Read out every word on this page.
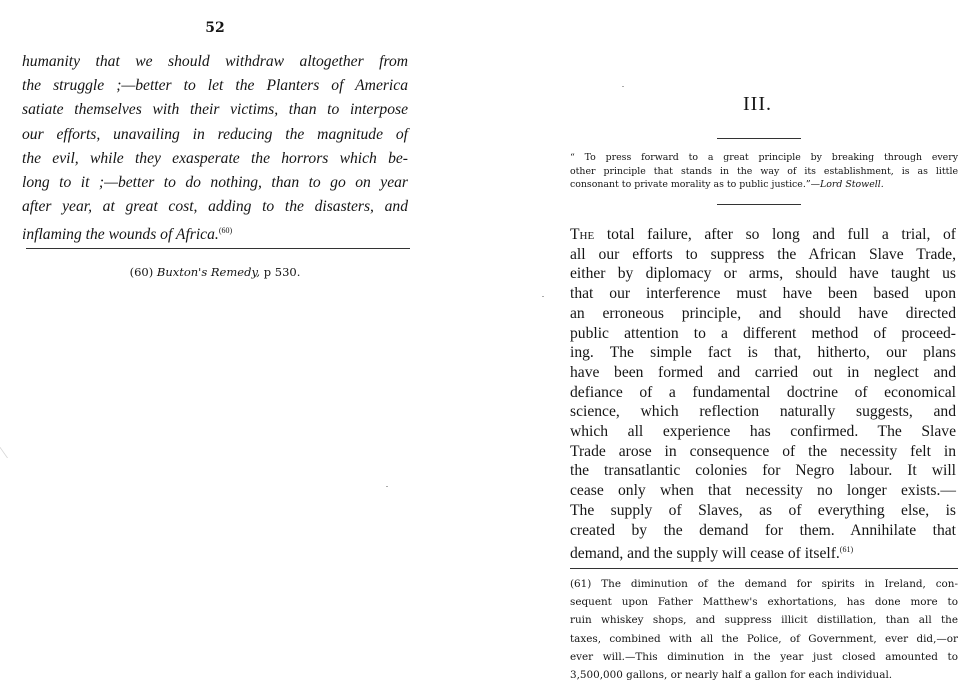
52
humanity that we should withdraw altogether from
the struggle ;—better to let the Planters of America
satiate themselves with their victims, than to interpose
our efforts, unavailing in reducing the magnitude of
the evil, while they exasperate the horrors which be-
long to it ;—better to do nothing, than to go on year
after year, at great cost, adding to the disasters, and
inflaming the wounds of Africa.$^{(60)}$
(60) Buxton's Remedy, p 530.
III.
“ To press forward to a great principle by breaking through every
other principle that stands in the way of its establishment, is as little
consonant to private morality as to public justice.”—Lord Stowell.
The total failure, after so long and full a trial, of
all our efforts to suppress the African Slave Trade,
either by diplomacy or arms, should have taught us
that our interference must have been based upon
an erroneous principle, and should have directed
public attention to a different method of proceed-
ing. The simple fact is that, hitherto, our plans
have been formed and carried out in neglect and
defiance of a fundamental doctrine of economical
science, which reflection naturally suggests, and
which all experience has confirmed. The Slave
Trade arose in consequence of the necessity felt in
the transatlantic colonies for Negro labour. It will
cease only when that necessity no longer exists.—
The supply of Slaves, as of everything else, is
created by the demand for them. Annihilate that
demand, and the supply will cease of itself.$^{(61)}$
(61) The diminution of the demand for spirits in Ireland, con-
sequent upon Father Matthew's exhortations, has done more to
ruin whiskey shops, and suppress illicit distillation, than all the
taxes, combined with all the Police, of Government, ever did,—or
ever will.—This diminution in the year just closed amounted to
3,500,000 gallons, or nearly half a gallon for each individual.
